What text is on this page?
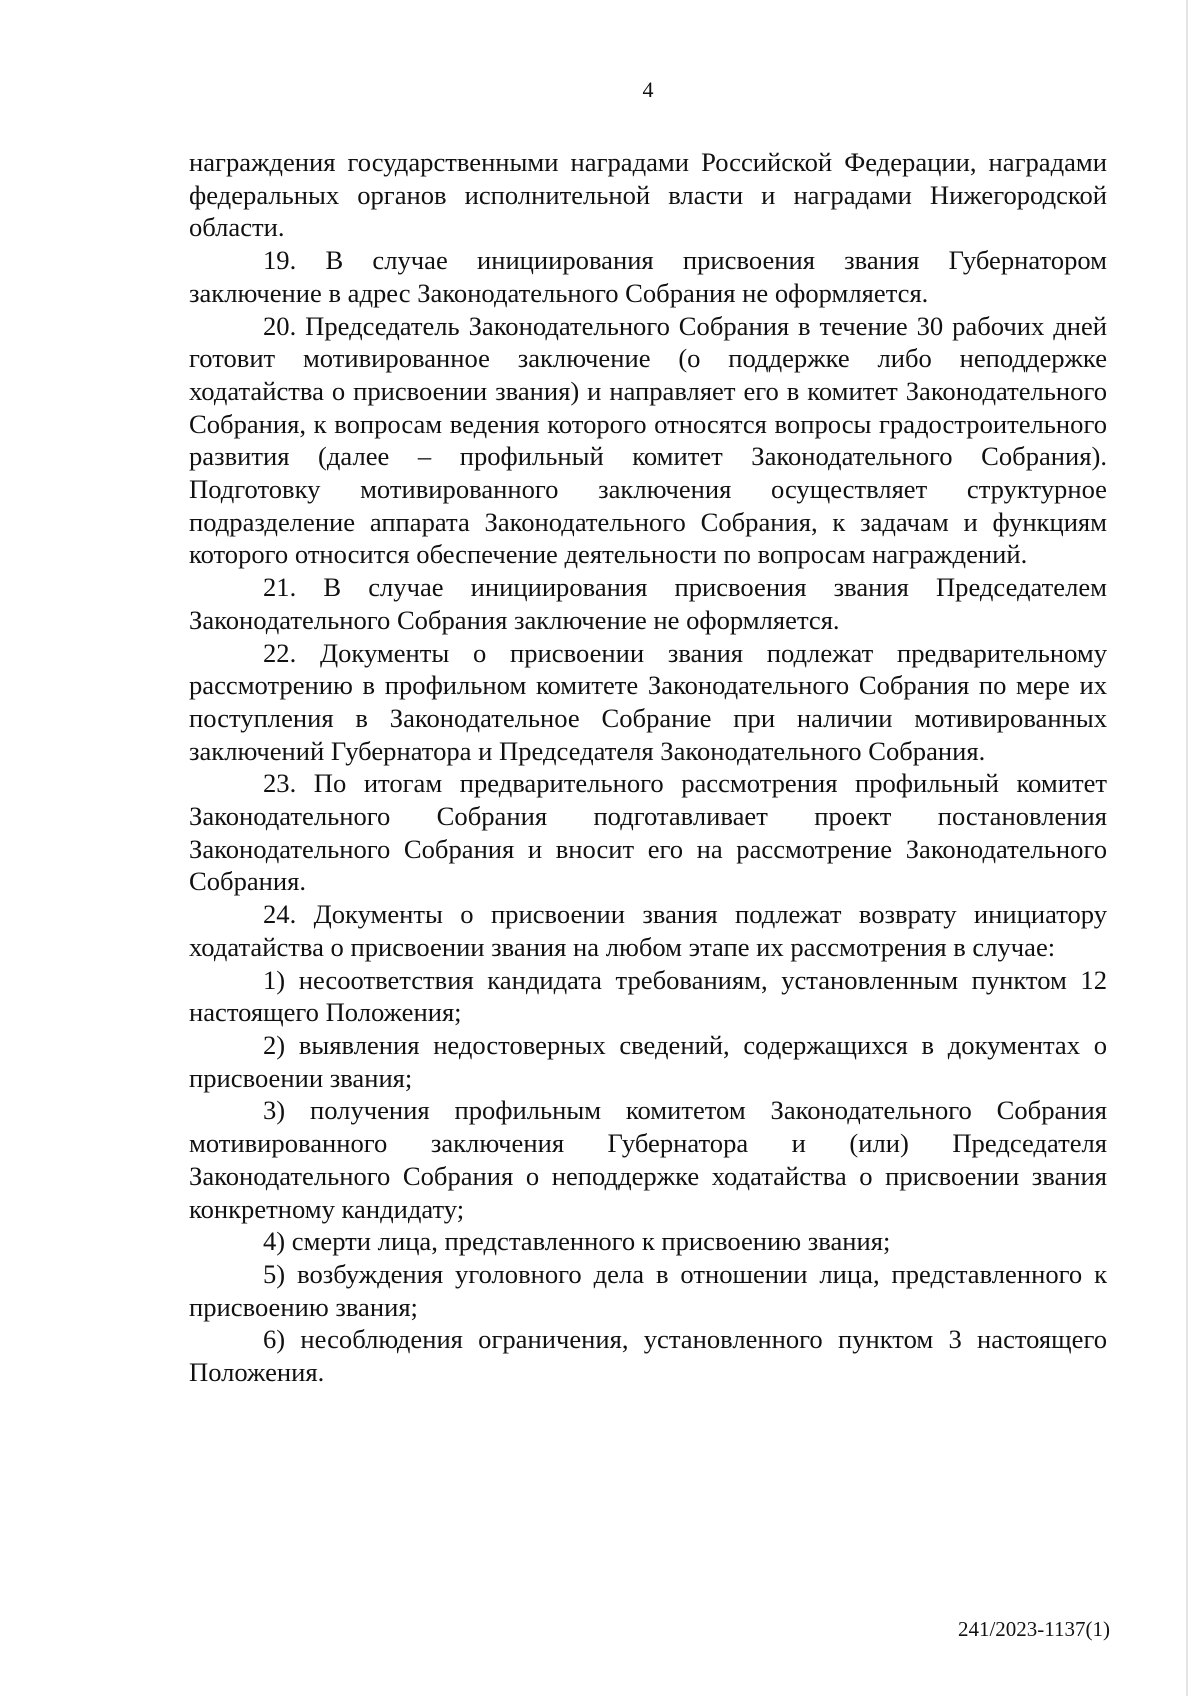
4

награждения государственными наградами Российской Федерации, наградами федеральных органов исполнительной власти и наградами Нижегородской области.

19. В случае инициирования присвоения звания Губернатором заключение в адрес Законодательного Собрания не оформляется.

20. Председатель Законодательного Собрания в течение 30 рабочих дней готовит мотивированное заключение (о поддержке либо неподдержке ходатайства о присвоении звания) и направляет его в комитет Законодательного Собрания, к вопросам ведения которого относятся вопросы градостроительного развития (далее – профильный комитет Законодательного Собрания). Подготовку мотивированного заключения осуществляет структурное подразделение аппарата Законодательного Собрания, к задачам и функциям которого относится обеспечение деятельности по вопросам награждений.

21. В случае инициирования присвоения звания Председателем Законодательного Собрания заключение не оформляется.

22. Документы о присвоении звания подлежат предварительному рассмотрению в профильном комитете Законодательного Собрания по мере их поступления в Законодательное Собрание при наличии мотивированных заключений Губернатора и Председателя Законодательного Собрания.

23. По итогам предварительного рассмотрения профильный комитет Законодательного Собрания подготавливает проект постановления Законодательного Собрания и вносит его на рассмотрение Законодательного Собрания.

24. Документы о присвоении звания подлежат возврату инициатору ходатайства о присвоении звания на любом этапе их рассмотрения в случае:

1) несоответствия кандидата требованиям, установленным пунктом 12 настоящего Положения;

2) выявления недостоверных сведений, содержащихся в документах о присвоении звания;

3) получения профильным комитетом Законодательного Собрания мотивированного заключения Губернатора и (или) Председателя Законодательного Собрания о неподдержке ходатайства о присвоении звания конкретному кандидату;

4) смерти лица, представленного к присвоению звания;

5) возбуждения уголовного дела в отношении лица, представленного к присвоению звания;

6) несоблюдения ограничения, установленного пунктом 3 настоящего Положения.

241/2023-1137(1)
